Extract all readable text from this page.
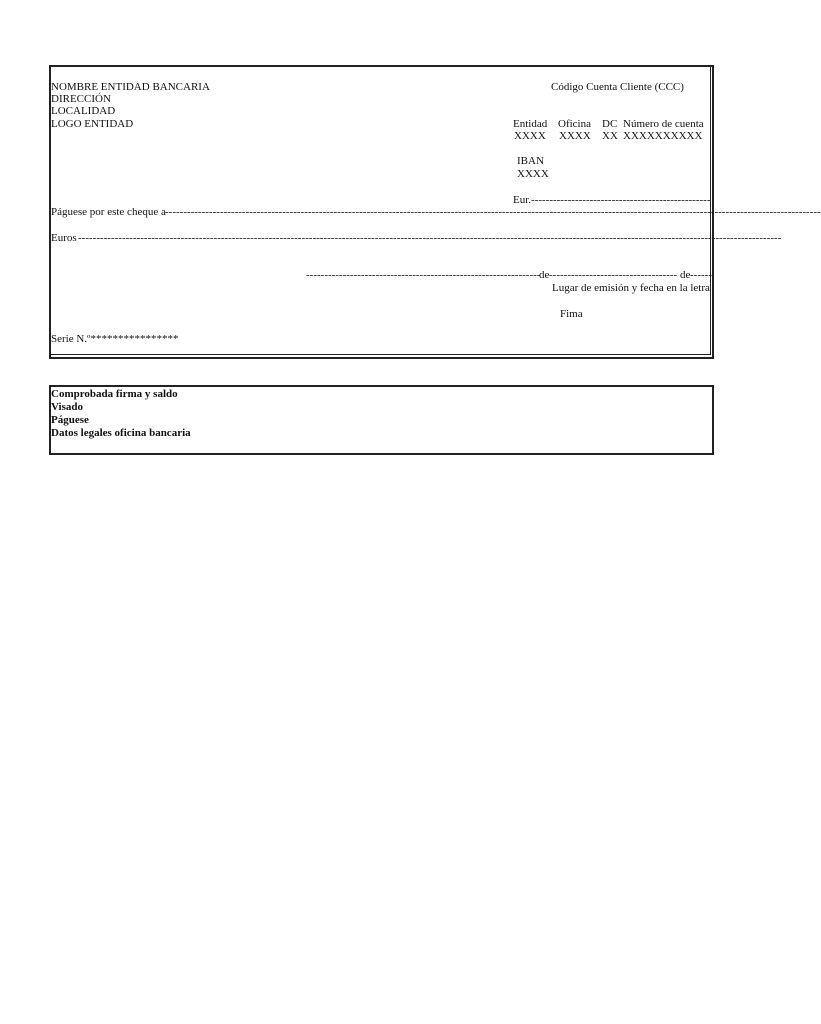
NOMBRE ENTIDAD BANCARIA
DIRECCIÓN
LOCALIDAD
LOGO ENTIDAD
Código Cuenta Cliente (CCC)
Entidad Oficina DC Número de cuenta
XXXX XXXX XX XXXXXXXXXX
IBAN
XXXX
Eur. -------------------------------------------------
Páguese por este cheque a -----------------------------------------------------------------------------------------------------------------------------------------------------------------------------------
Euros ------------------------------------------------------------------------------------------------------------------------------------------------------------------------------------------------
----------------------------------------------------------------
de ----------------------------------- de ------
Lugar de emisión y fecha en la letra
Fima
Serie N.º****************
Comprobada firma y saldo
Visado
Páguese
Datos legales oficina bancaria
